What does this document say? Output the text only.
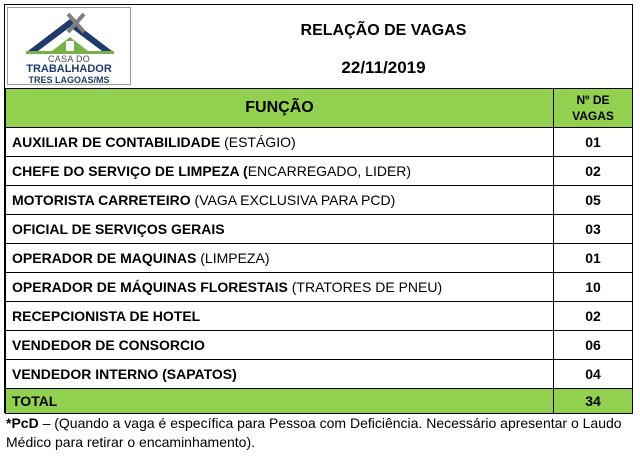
CASA DO
TRABALHADOR
TRES LAGOAS/MS
RELAÇÃO DE VAGAS
22/11/2019
FUNÇÃO	Nº DE VAGAS
AUXILIAR DE CONTABILIDADE (ESTÁGIO)	01
CHEFE DO SERVIÇO DE LIMPEZA (ENCARREGADO, LIDER)	02
MOTORISTA CARRETEIRO (VAGA EXCLUSIVA PARA PCD)	05
OFICIAL DE SERVIÇOS GERAIS	03
OPERADOR DE MAQUINAS (LIMPEZA)	01
OPERADOR DE MÁQUINAS FLORESTAIS (TRATORES DE PNEU)	10
RECEPCIONISTA DE HOTEL	02
VENDEDOR DE CONSORCIO	06
VENDEDOR INTERNO (SAPATOS)	04
TOTAL	34
*PcD – (Quando a vaga é específica para Pessoa com Deficiência. Necessário apresentar o Laudo Médico para retirar o encaminhamento).
